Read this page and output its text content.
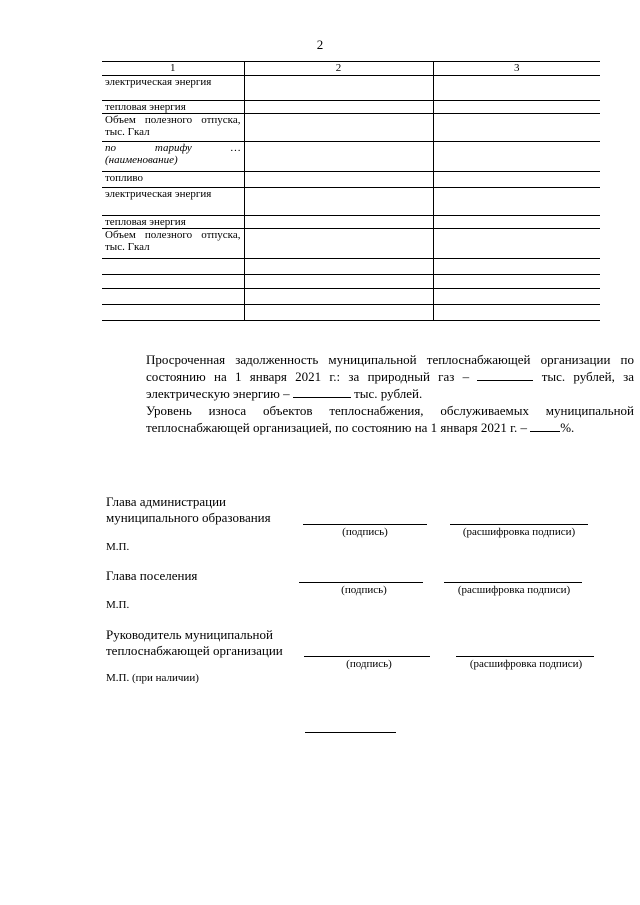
2
1	2	3
электрическая энергия		
тепловая энергия		
Объем полезного отпуска, тыс. Гкал		
по тарифу … (наименование)		
топливо		
электрическая энергия		
тепловая энергия		
Объем полезного отпуска, тыс. Гкал		

Просроченная задолженность муниципальной теплоснабжающей организации по состоянию на 1 января 2021 г.: за природный газ –	тыс. рублей, за электрическую энергию –	тыс. рублей.

Уровень износа объектов теплоснабжения, обслуживаемых муниципальной теплоснабжающей организацией, по состоянию на 1 января 2021 г. –	%.

Глава администрации
муниципального образования
(подпись)	(расшифровка подписи)
М.П.
Глава поселения
(подпись)	(расшифровка подписи)
М.П.
Руководитель муниципальной
теплоснабжающей организации
(подпись)	(расшифровка подписи)
М.П. (при наличии)
